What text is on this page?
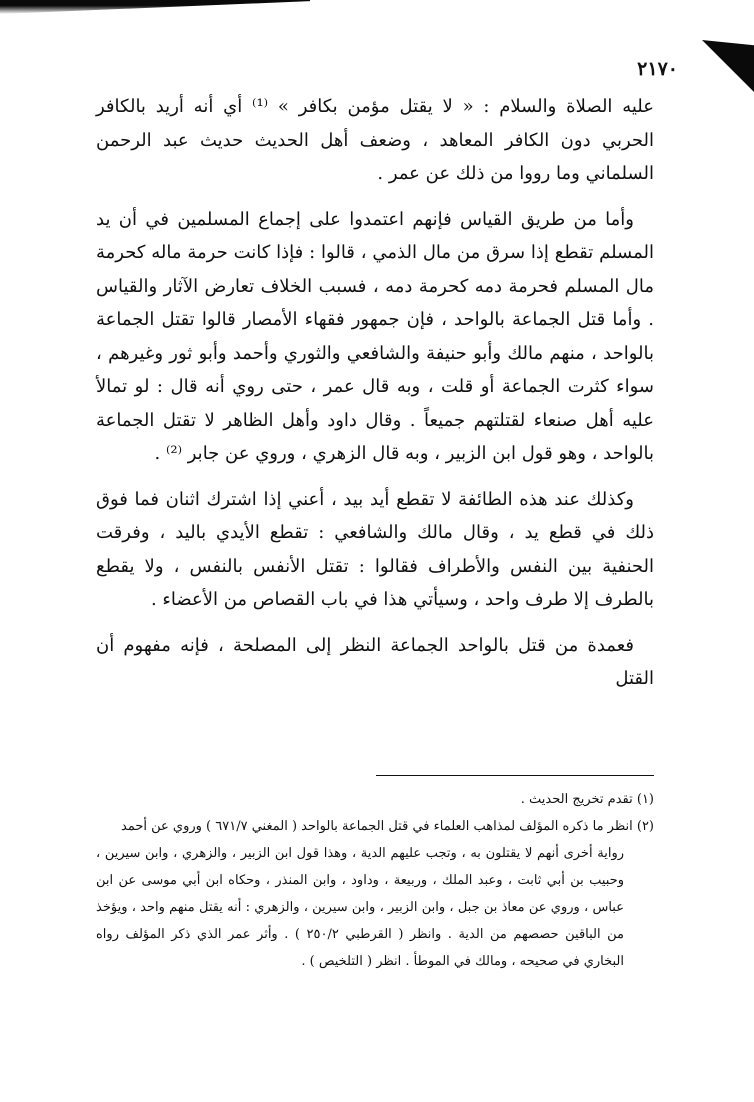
٢١٧٠

عليه الصلاة والسلام : « لا يقتل مؤمن بكافر » ⁽¹⁾ أي أنه أريد بالكافر الحربي دون الكافر المعاهد ، وضعف أهل الحديث حديث عبد الرحمن السلماني وما رووا من ذلك عن عمر .

وأما من طريق القياس فإنهم اعتمدوا على إجماع المسلمين في أن يد المسلم تقطع إذا سرق من مال الذمي ، قالوا : فإذا كانت حرمة ماله كحرمة مال المسلم فحرمة دمه كحرمة دمه ، فسبب الخلاف تعارض الآثار والقياس . وأما قتل الجماعة بالواحد ، فإن جمهور فقهاء الأمصار قالوا تقتل الجماعة بالواحد ، منهم مالك وأبو حنيفة والشافعي والثوري وأحمد وأبو ثور وغيرهم ، سواء كثرت الجماعة أو قلت ، وبه قال عمر ، حتى روي أنه قال : لو تمالأ عليه أهل صنعاء لقتلتهم جميعاً . وقال داود وأهل الظاهر لا تقتل الجماعة بالواحد ، وهو قول ابن الزبير ، وبه قال الزهري ، وروي عن جابر ⁽²⁾ .

وكذلك عند هذه الطائفة لا تقطع أيد بيد ، أعني إذا اشترك اثنان فما فوق ذلك في قطع يد ، وقال مالك والشافعي : تقطع الأيدي باليد ، وفرقت الحنفية بين النفس والأطراف فقالوا : تقتل الأنفس بالنفس ، ولا يقطع بالطرف إلا طرف واحد ، وسيأتي هذا في باب القصاص من الأعضاء .

فعمدة من قتل بالواحد الجماعة النظر إلى المصلحة ، فإنه مفهوم أن القتل

(١) تقدم تخريج الحديث .

(٢) انظر ما ذكره المؤلف لمذاهب العلماء في قتل الجماعة بالواحد ( المغني ٦٧١/٧ ) وروي عن أحمد

رواية أخرى أنهم لا يقتلون به ، وتجب عليهم الدية ، وهذا قول ابن الزبير ، والزهري ، وابن سيرين ، وحبيب بن أبي ثابت ، وعبد الملك ، وربيعة ، وداود ، وابن المنذر ، وحكاه ابن أبي موسى عن ابن عباس ، وروي عن معاذ بن جبل ، وابن الزبير ، وابن سيرين ، والزهري : أنه يقتل منهم واحد ، ويؤخذ من الباقين حصصهم من الدية . وانظر ( القرطبي ٢٥٠/٢ ) . وأثر عمر الذي ذكر المؤلف رواه البخاري في صحيحه ، ومالك في الموطأ . انظر ( التلخيص ) .
